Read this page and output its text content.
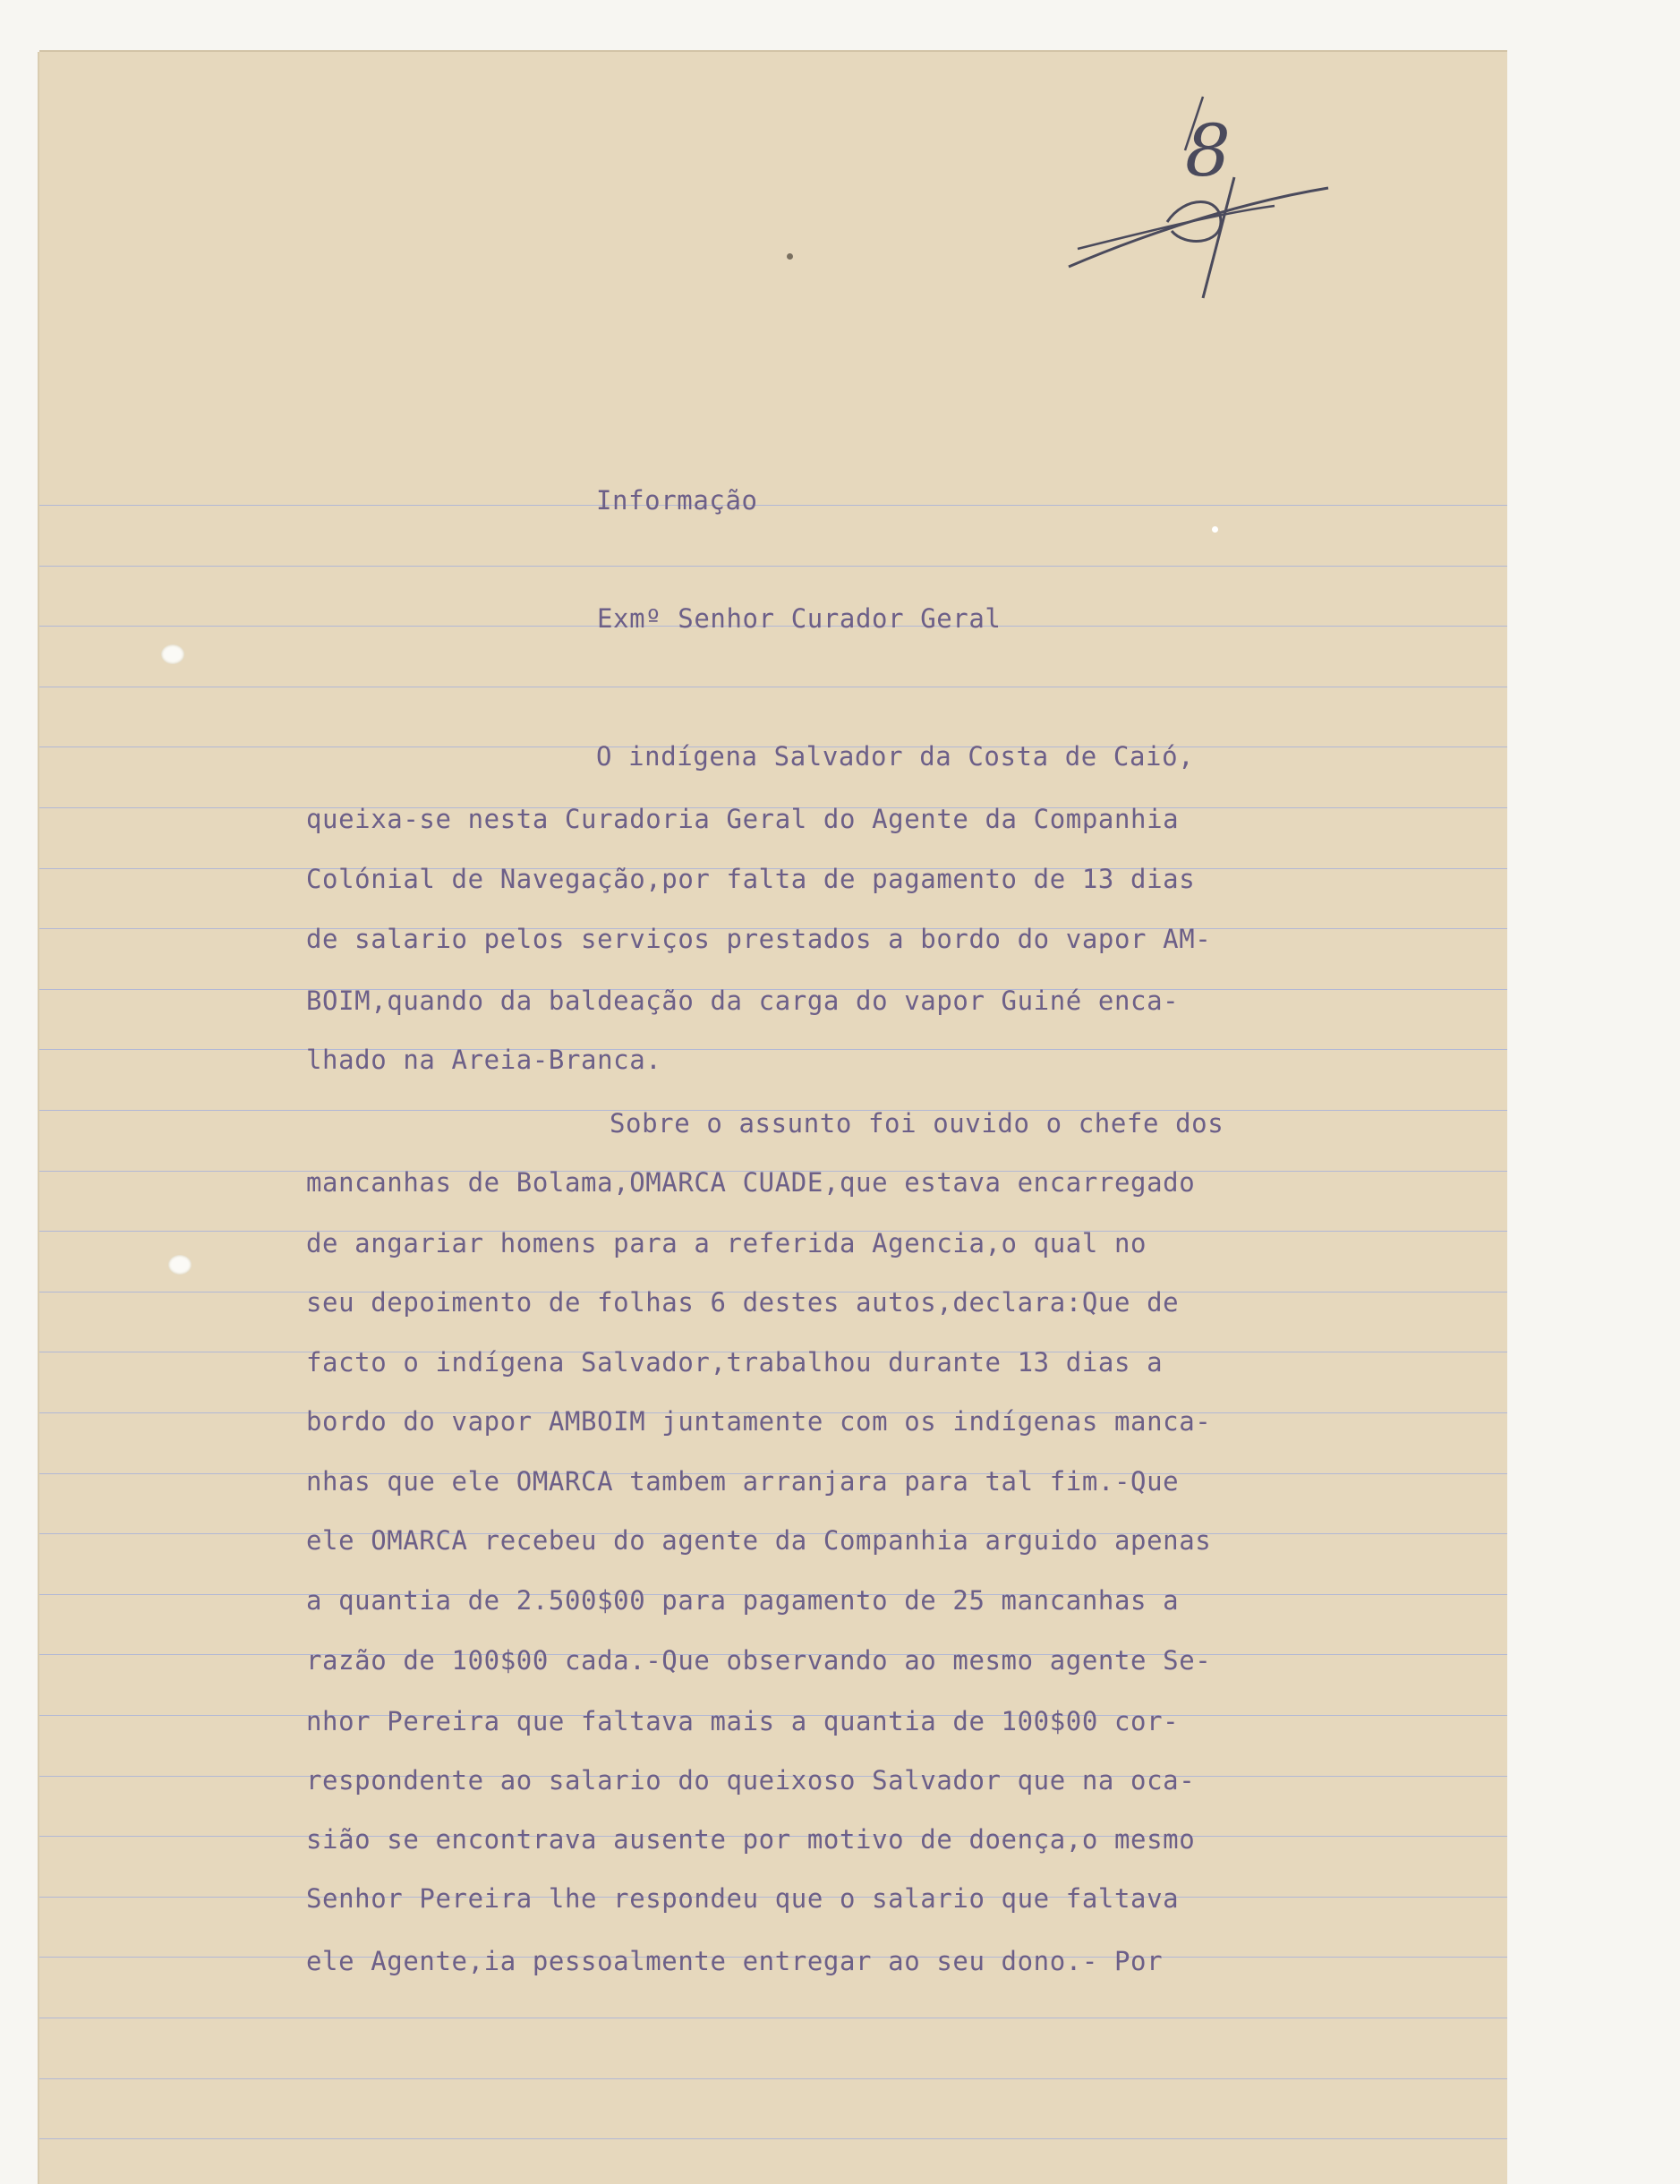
8
Informação
Exmº Senhor Curador Geral
O indígena Salvador da Costa de Caió,
queixa-se nesta Curadoria Geral do Agente da Companhia
Colónial de Navegação,por falta de pagamento de 13 dias
de salario pelos serviços prestados a bordo do vapor AM-
BOIM,quando da baldeação da carga do vapor Guiné enca-
lhado na Areia-Branca.
Sobre o assunto foi ouvido o chefe dos
mancanhas de Bolama,OMARCA CUADE,que estava encarregado
de angariar homens para a referida Agencia,o qual no
seu depoimento de folhas 6 destes autos,declara:Que de
facto o indígena Salvador,trabalhou durante 13 dias a
bordo do vapor AMBOIM juntamente com os indígenas manca-
nhas que ele OMARCA tambem arranjara para tal fim.-Que
ele OMARCA recebeu do agente da Companhia arguido apenas
a quantia de 2.500$00 para pagamento de 25 mancanhas a
razão de 100$00 cada.-Que observando ao mesmo agente Se-
nhor Pereira que faltava mais a quantia de 100$00 cor-
respondente ao salario do queixoso Salvador que na oca-
sião se encontrava ausente por motivo de doença,o mesmo
Senhor Pereira lhe respondeu que o salario que faltava
ele Agente,ia pessoalmente entregar ao seu dono.- Por
